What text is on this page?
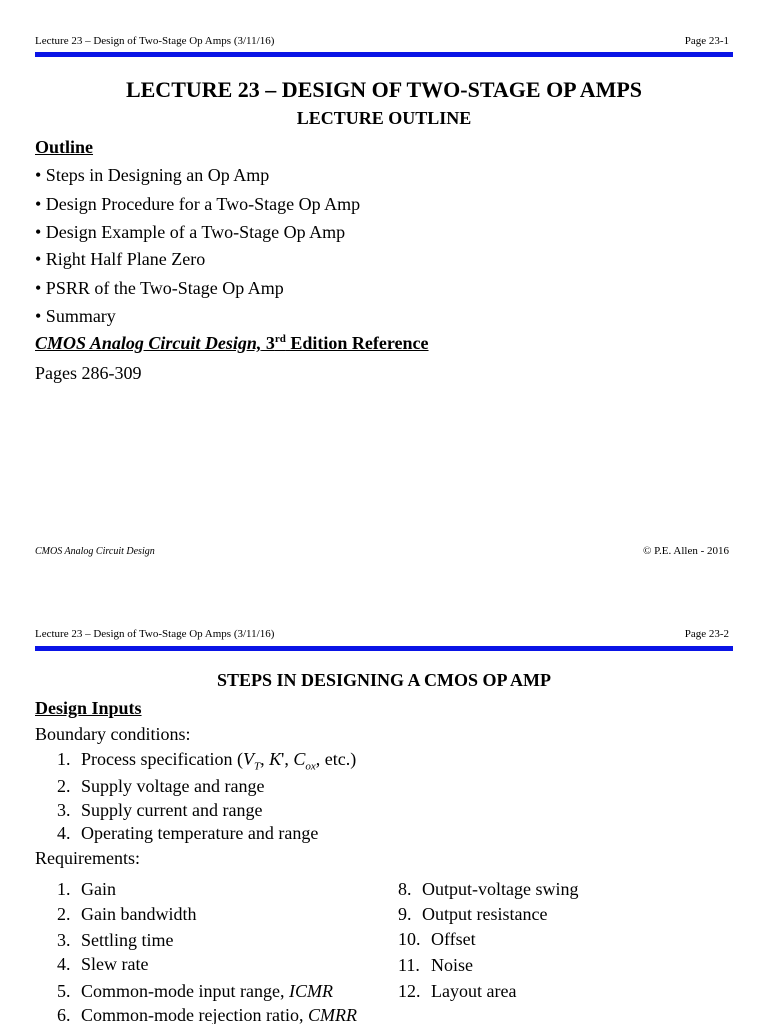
Lecture 23 – Design of Two-Stage Op Amps (3/11/16)	Page 23-1
LECTURE 23 – DESIGN OF TWO-STAGE OP AMPS
LECTURE OUTLINE
Outline
• Steps in Designing an Op Amp
• Design Procedure for a Two-Stage Op Amp
• Design Example of a Two-Stage Op Amp
• Right Half Plane Zero
• PSRR of the Two-Stage Op Amp
• Summary
CMOS Analog Circuit Design, 3rd Edition Reference
Pages 286-309
CMOS Analog Circuit Design	© P.E. Allen - 2016
Lecture 23 – Design of Two-Stage Op Amps (3/11/16)	Page 23-2
STEPS IN DESIGNING A CMOS OP AMP
Design Inputs
Boundary conditions:
1. Process specification ($V_T$, K', $C_{ox}$, etc.)
2. Supply voltage and range
3. Supply current and range
4. Operating temperature and range
Requirements:
1. Gain
2. Gain bandwidth
3. Settling time
4. Slew rate
5. Common-mode input range, ICMR
6. Common-mode rejection ratio, CMRR
8. Output-voltage swing
9. Output resistance
10. Offset
11. Noise
12. Layout area
